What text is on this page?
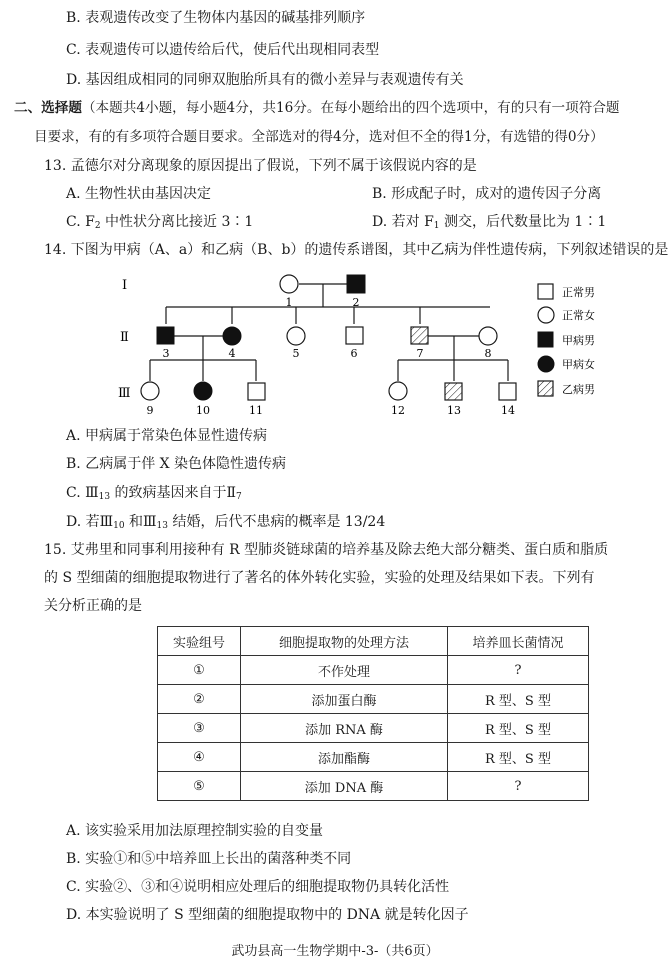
B. 表观遗传改变了生物体内基因的碱基排列顺序
C. 表观遗传可以遗传给后代，使后代出现相同表型
D. 基因组成相同的同卵双胞胎所具有的微小差异与表观遗传有关
二、选择题（本题共4小题，每小题4分，共16分。在每小题给出的四个选项中，有的只有一项符合题
目要求，有的有多项符合题目要求。全部选对的得4分，选对但不全的得1分，有选错的得0分）
13. 孟德尔对分离现象的原因提出了假说，下列不属于该假说内容的是
A. 生物性状由基因决定	B. 形成配子时，成对的遗传因子分离
C. $F_2$ 中性状分离比接近 3∶1	D. 若对 $F_1$ 测交，后代数量比为 1∶1
14. 下图为甲病（A、a）和乙病（B、b）的遗传系谱图，其中乙病为伴性遗传病，下列叙述错误的是
Ⅰ
Ⅱ
Ⅲ
1	2
3	4	5	6	7	8
9	10	11	12	13	14
正常男
正常女
甲病男
甲病女
乙病男
A. 甲病属于常染色体显性遗传病
B. 乙病属于伴 X 染色体隐性遗传病
C. $Ⅲ_{13}$ 的致病基因来自于$Ⅱ_7$
D. 若$Ⅲ_{10}$ 和$Ⅲ_{13}$ 结婚，后代不患病的概率是 13/24
15. 艾弗里和同事利用接种有 R 型肺炎链球菌的培养基及除去绝大部分糖类、蛋白质和脂质
的 S 型细菌的细胞提取物进行了著名的体外转化实验，实验的处理及结果如下表。下列有
关分析正确的是
实验组号	细胞提取物的处理方法	培养皿长菌情况
①	不作处理	?
②	添加蛋白酶	R 型、S 型
③	添加 RNA 酶	R 型、S 型
④	添加酯酶	R 型、S 型
⑤	添加 DNA 酶	?
A. 该实验采用加法原理控制实验的自变量
B. 实验①和⑤中培养皿上长出的菌落种类不同
C. 实验②、③和④说明相应处理后的细胞提取物仍具转化活性
D. 本实验说明了 S 型细菌的细胞提取物中的 DNA 就是转化因子
武功县高一生物学期中-3-（共6页）
